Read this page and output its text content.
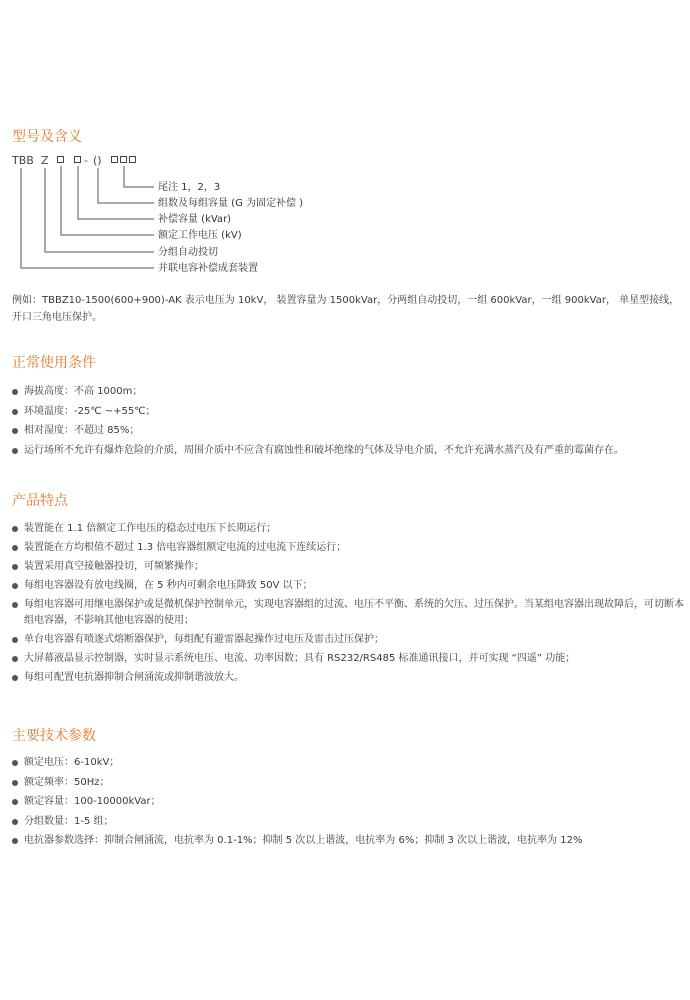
型号及含义
TBB Z	- ()
尾注 1，2，3
组数及每组容量 (G 为固定补偿 )
补偿容量 (kVar)
额定工作电压 (kV)
分组自动投切
并联电容补偿成套装置

例如：TBBZ10-1500(600+900)-AK 表示电压为 10kV， 装置容量为 1500kVar，分两组自动投切，一组 600kVar，一组 900kVar， 单星型接线，开口三角电压保护。

正常使用条件
海拔高度：不高 1000m；
环境温度：-25℃ ~+55℃；
相对湿度：不超过 85%；
运行场所不允许有爆炸危险的介质，周围介质中不应含有腐蚀性和破坏绝缘的气体及导电介质，不允许充满水蒸汽及有严重的霉菌存在。
产品特点
装置能在 1.1 倍额定工作电压的稳态过电压下长期运行；
装置能在方均根值不超过 1.3 倍电容器组额定电流的过电流下连续运行；
装置采用真空接触器投切，可频繁操作；
每组电容器设有放电线圈，在 5 秒内可剩余电压降致 50V 以下；
每组电容器可用继电器保护或是微机保护控制单元，实现电容器组的过流、电压不平衡、系统的欠压、过压保护。当某组电容器出现故障后，可切断本组电容器，不影响其他电容器的使用；
单台电容器有喷逐式熔断器保护，每组配有避雷器起操作过电压及雷击过压保护；
大屏幕液晶显示控制器，实时显示系统电压、电流、功率因数；具有 RS232/RS485 标准通讯接口，并可实现 “四遥” 功能；
每组可配置电抗器抑制合闸涌流或抑制谐波放大。
主要技术参数
额定电压：6-10kV；
额定频率：50Hz；
额定容量：100-10000kVar；
分组数量：1-5 组；
电抗器参数选择：抑制合闸涌流，电抗率为 0.1-1%；抑制 5 次以上谐波，电抗率为 6%；抑制 3 次以上谐波，电抗率为 12%
